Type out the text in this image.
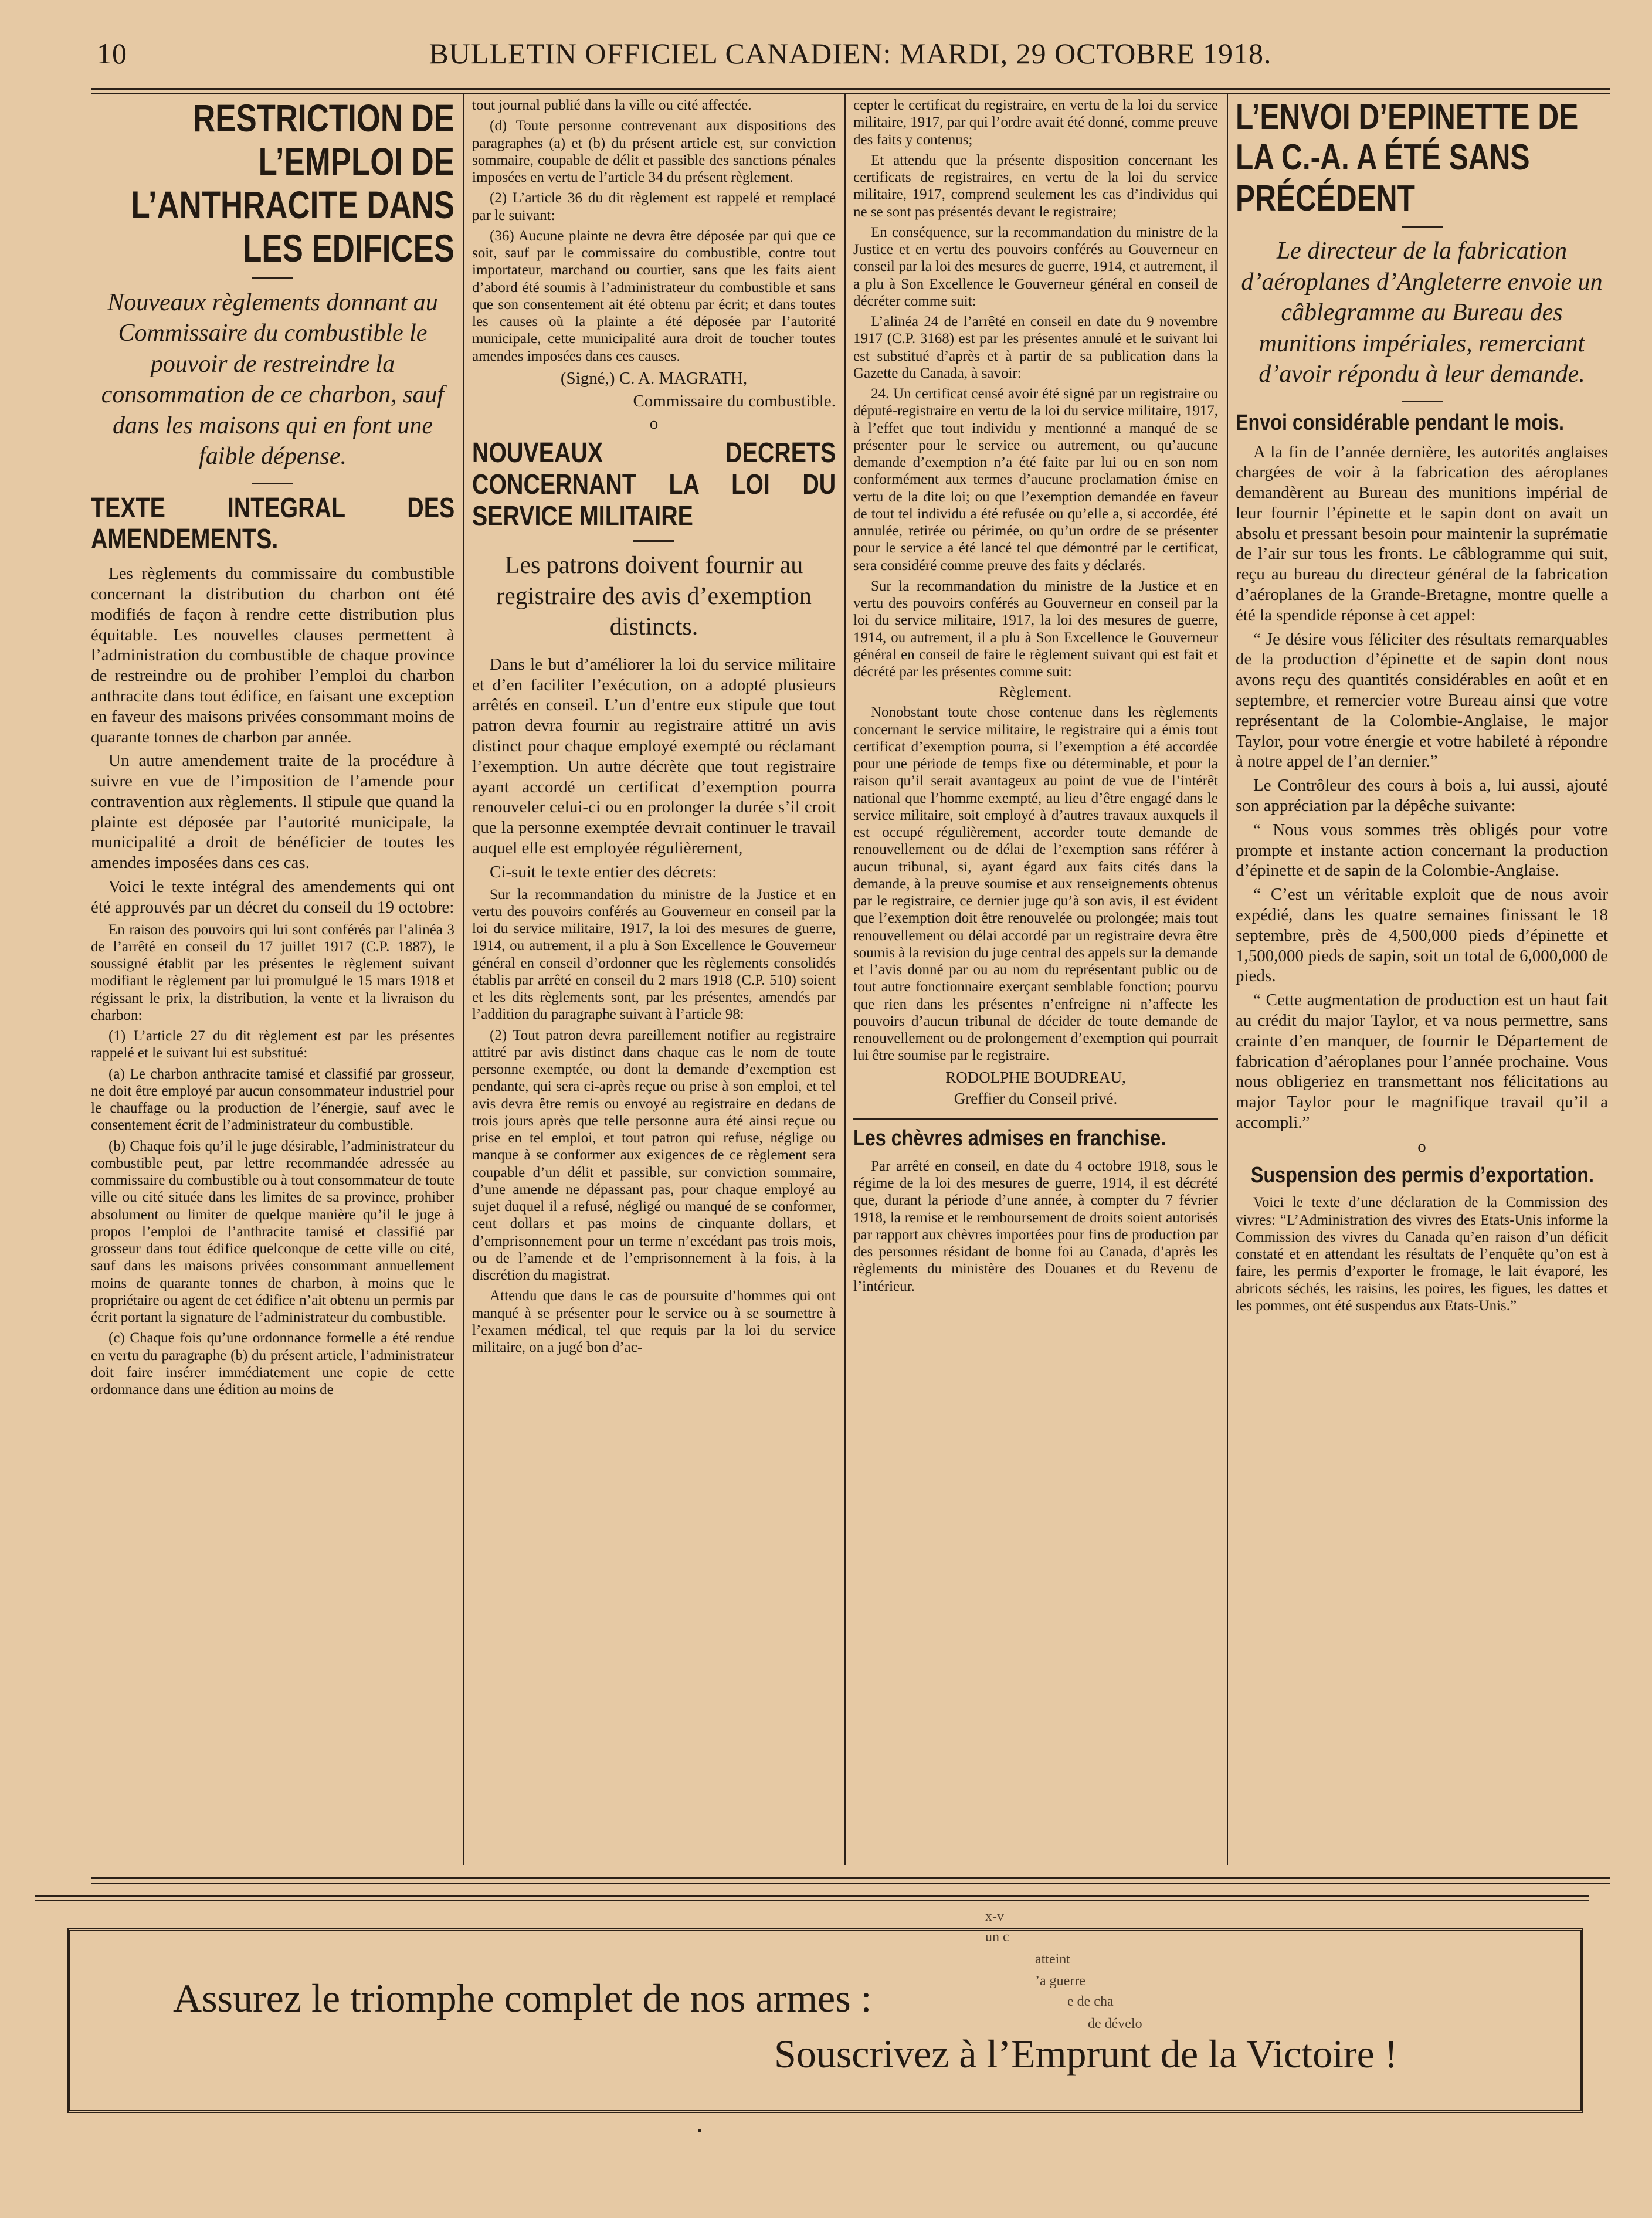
10	BULLETIN OFFICIEL CANADIEN: MARDI, 29 OCTOBRE 1918.
RESTRICTION DE L’EMPLOI DE L’ANTHRACITE DANS LES EDIFICES
Nouveaux règlements donnant au Commissaire du combustible le pouvoir de restreindre la consommation de ce charbon, sauf dans les maisons qui en font une faible dépense.
TEXTE INTEGRAL DES AMENDEMENTS.

Les règlements du commissaire du combustible concernant la distribution du charbon ont été modifiés de façon à rendre cette distribution plus équitable. Les nouvelles clauses permettent à l’administration du combustible de chaque province de restreindre ou de prohiber l’emploi du charbon anthracite dans tout édifice, en faisant une exception en faveur des maisons privées consommant moins de quarante tonnes de charbon par année.

Un autre amendement traite de la procédure à suivre en vue de l’imposition de l’amende pour contravention aux règlements. Il stipule que quand la plainte est déposée par l’autorité municipale, la municipalité a droit de bénéficier de toutes les amendes imposées dans ces cas.

Voici le texte intégral des amendements qui ont été approuvés par un décret du conseil du 19 octobre:

En raison des pouvoirs qui lui sont conférés par l’alinéa 3 de l’arrêté en conseil du 17 juillet 1917 (C.P. 1887), le soussigné établit par les présentes le règlement suivant modifiant le règlement par lui promulgué le 15 mars 1918 et régissant le prix, la distribution, la vente et la livraison du charbon:

(1) L’article 27 du dit règlement est par les présentes rappelé et le suivant lui est substitué:

(a) Le charbon anthracite tamisé et classifié par grosseur, ne doit être employé par aucun consommateur industriel pour le chauffage ou la production de l’énergie, sauf avec le consentement écrit de l’administrateur du combustible.

(b) Chaque fois qu’il le juge désirable, l’administrateur du combustible peut, par lettre recommandée adressée au commissaire du combustible ou à tout consommateur de toute ville ou cité située dans les limites de sa province, prohiber absolument ou limiter de quelque manière qu’il le juge à propos l’emploi de l’anthracite tamisé et classifié par grosseur dans tout édifice quelconque de cette ville ou cité, sauf dans les maisons privées consommant annuellement moins de quarante tonnes de charbon, à moins que le propriétaire ou agent de cet édifice n’ait obtenu un permis par écrit portant la signature de l’administrateur du combustible.

(c) Chaque fois qu’une ordonnance formelle a été rendue en vertu du paragraphe (b) du présent article, l’administrateur doit faire insérer immédiatement une copie de cette ordonnance dans une édition au moins de

tout journal publié dans la ville ou cité affectée.

(d) Toute personne contrevenant aux dispositions des paragraphes (a) et (b) du présent article est, sur conviction sommaire, coupable de délit et passible des sanctions pénales imposées en vertu de l’article 34 du présent règlement.

(2) L’article 36 du dit règlement est rappelé et remplacé par le suivant:

(36) Aucune plainte ne devra être déposée par qui que ce soit, sauf par le commissaire du combustible, contre tout importateur, marchand ou courtier, sans que les faits aient d’abord été soumis à l’administrateur du combustible et sans que son consentement ait été obtenu par écrit; et dans toutes les causes où la plainte a été déposée par l’autorité municipale, cette municipalité aura droit de toucher toutes amendes imposées dans ces causes.

(Signé,) C. A. MAGRATH,
Commissaire du combustible.
o
NOUVEAUX DECRETS CONCERNANT LA LOI DU SERVICE MILITAIRE
Les patrons doivent fournir au registraire des avis d’exemption distincts.

Dans le but d’améliorer la loi du service militaire et d’en faciliter l’exécution, on a adopté plusieurs arrêtés en conseil. L’un d’entre eux stipule que tout patron devra fournir au registraire attitré un avis distinct pour chaque employé exempté ou réclamant l’exemption. Un autre décrète que tout registraire ayant accordé un certificat d’exemption pourra renouveler celui-ci ou en prolonger la durée s’il croit que la personne exemptée devrait continuer le travail auquel elle est employée régulièrement,

Ci-suit le texte entier des décrets:

Sur la recommandation du ministre de la Justice et en vertu des pouvoirs conférés au Gouverneur en conseil par la loi du service militaire, 1917, la loi des mesures de guerre, 1914, ou autrement, il a plu à Son Excellence le Gouverneur général en conseil d’ordonner que les règlements consolidés établis par arrêté en conseil du 2 mars 1918 (C.P. 510) soient et les dits règlements sont, par les présentes, amendés par l’addition du paragraphe suivant à l’article 98:

(2) Tout patron devra pareillement notifier au registraire attitré par avis distinct dans chaque cas le nom de toute personne exemptée, ou dont la demande d’exemption est pendante, qui sera ci-après reçue ou prise à son emploi, et tel avis devra être remis ou envoyé au registraire en dedans de trois jours après que telle personne aura été ainsi reçue ou prise en tel emploi, et tout patron qui refuse, néglige ou manque à se conformer aux exigences de ce règlement sera coupable d’un délit et passible, sur conviction sommaire, d’une amende ne dépassant pas, pour chaque employé au sujet duquel il a refusé, négligé ou manqué de se conformer, cent dollars et pas moins de cinquante dollars, et d’emprisonnement pour un terme n’excédant pas trois mois, ou de l’amende et de l’emprisonnement à la fois, à la discrétion du magistrat.

Attendu que dans le cas de poursuite d’hommes qui ont manqué à se présenter pour le service ou à se soumettre à l’examen médical, tel que requis par la loi du service militaire, on a jugé bon d’ac-

cepter le certificat du registraire, en vertu de la loi du service militaire, 1917, par qui l’ordre avait été donné, comme preuve des faits y contenus;

Et attendu que la présente disposition concernant les certificats de registraires, en vertu de la loi du service militaire, 1917, comprend seulement les cas d’individus qui ne se sont pas présentés devant le registraire;

En conséquence, sur la recommandation du ministre de la Justice et en vertu des pouvoirs conférés au Gouverneur en conseil par la loi des mesures de guerre, 1914, et autrement, il a plu à Son Excellence le Gouverneur général en conseil de décréter comme suit:

L’alinéa 24 de l’arrêté en conseil en date du 9 novembre 1917 (C.P. 3168) est par les présentes annulé et le suivant lui est substitué d’après et à partir de sa publication dans la Gazette du Canada, à savoir:

24. Un certificat censé avoir été signé par un registraire ou député-registraire en vertu de la loi du service militaire, 1917, à l’effet que tout individu y mentionné a manqué de se présenter pour le service ou autrement, ou qu’aucune demande d’exemption n’a été faite par lui ou en son nom conformément aux termes d’aucune proclamation émise en vertu de la dite loi; ou que l’exemption demandée en faveur de tout tel individu a été refusée ou qu’elle a, si accordée, été annulée, retirée ou périmée, ou qu’un ordre de se présenter pour le service a été lancé tel que démontré par le certificat, sera considéré comme preuve des faits y déclarés.

Sur la recommandation du ministre de la Justice et en vertu des pouvoirs conférés au Gouverneur en conseil par la loi du service militaire, 1917, la loi des mesures de guerre, 1914, ou autrement, il a plu à Son Excellence le Gouverneur général en conseil de faire le règlement suivant qui est fait et décrété par les présentes comme suit:

Règlement.

Nonobstant toute chose contenue dans les règlements concernant le service militaire, le registraire qui a émis tout certificat d’exemption pourra, si l’exemption a été accordée pour une période de temps fixe ou déterminable, et pour la raison qu’il serait avantageux au point de vue de l’intérêt national que l’homme exempté, au lieu d’être engagé dans le service militaire, soit employé à d’autres travaux auxquels il est occupé régulièrement, accorder toute demande de renouvellement ou de délai de l’exemption sans référer à aucun tribunal, si, ayant égard aux faits cités dans la demande, à la preuve soumise et aux renseignements obtenus par le registraire, ce dernier juge qu’à son avis, il est évident que l’exemption doit être renouvelée ou prolongée; mais tout renouvellement ou délai accordé par un registraire devra être soumis à la revision du juge central des appels sur la demande et l’avis donné par ou au nom du représentant public ou de tout autre fonctionnaire exerçant semblable fonction; pourvu que rien dans les présentes n’enfreigne ni n’affecte les pouvoirs d’aucun tribunal de décider de toute demande de renouvellement ou de prolongement d’exemption qui pourrait lui être soumise par le registraire.

RODOLPHE BOUDREAU,
Greffier du Conseil privé.
Les chèvres admises en franchise.

Par arrêté en conseil, en date du 4 octobre 1918, sous le régime de la loi des mesures de guerre, 1914, il est décrété que, durant la période d’une année, à compter du 7 février 1918, la remise et le remboursement de droits soient autorisés par rapport aux chèvres importées pour fins de production par des personnes résidant de bonne foi au Canada, d’après les règlements du ministère des Douanes et du Revenu de l’intérieur.

L’ENVOI D’EPINETTE DE LA C.-A. A ÉTÉ SANS PRÉCÉDENT
Le directeur de la fabrication d’aéroplanes d’Angleterre envoie un câblegramme au Bureau des munitions impériales, remerciant d’avoir répondu à leur demande.
Envoi considérable pendant le mois.

A la fin de l’année dernière, les autorités anglaises chargées de voir à la fabrication des aéroplanes demandèrent au Bureau des munitions impérial de leur fournir l’épinette et le sapin dont on avait un absolu et pressant besoin pour maintenir la suprématie de l’air sur tous les fronts. Le câblogramme qui suit, reçu au bureau du directeur général de la fabrication d’aéroplanes de la Grande-Bretagne, montre quelle a été la spendide réponse à cet appel:

“ Je désire vous féliciter des résultats remarquables de la production d’épinette et de sapin dont nous avons reçu des quantités considérables en août et en septembre, et remercier votre Bureau ainsi que votre représentant de la Colombie-Anglaise, le major Taylor, pour votre énergie et votre habileté à répondre à notre appel de l’an dernier.”

Le Contrôleur des cours à bois a, lui aussi, ajouté son appréciation par la dépêche suivante:

“ Nous vous sommes très obligés pour votre prompte et instante action concernant la production d’épinette et de sapin de la Colombie-Anglaise.

“ C’est un véritable exploit que de nous avoir expédié, dans les quatre semaines finissant le 18 septembre, près de 4,500,000 pieds d’épinette et 1,500,000 pieds de sapin, soit un total de 6,000,000 de pieds.

“ Cette augmentation de production est un haut fait au crédit du major Taylor, et va nous permettre, sans crainte d’en manquer, de fournir le Département de fabrication d’aéroplanes pour l’année prochaine. Vous nous obligeriez en transmettant nos félicitations au major Taylor pour le magnifique travail qu’il a accompli.”

o
Suspension des permis d’exportation.

Voici le texte d’une déclaration de la Commission des vivres: “L’Administration des vivres des Etats-Unis informe la Commission des vivres du Canada qu’en raison d’un déficit constaté et en attendant les résultats de l’enquête qu’on est à faire, les permis d’exporter le fromage, le lait évaporé, les abricots séchés, les raisins, les poires, les figues, les dattes et les pommes, ont été suspendus aux Etats-Unis.”

Assurez le triomphe complet de nos armes :
Souscrivez à l’Emprunt de la Victoire !
x-v
un c
atteint
’a guerre
e de cha
de dévelo
